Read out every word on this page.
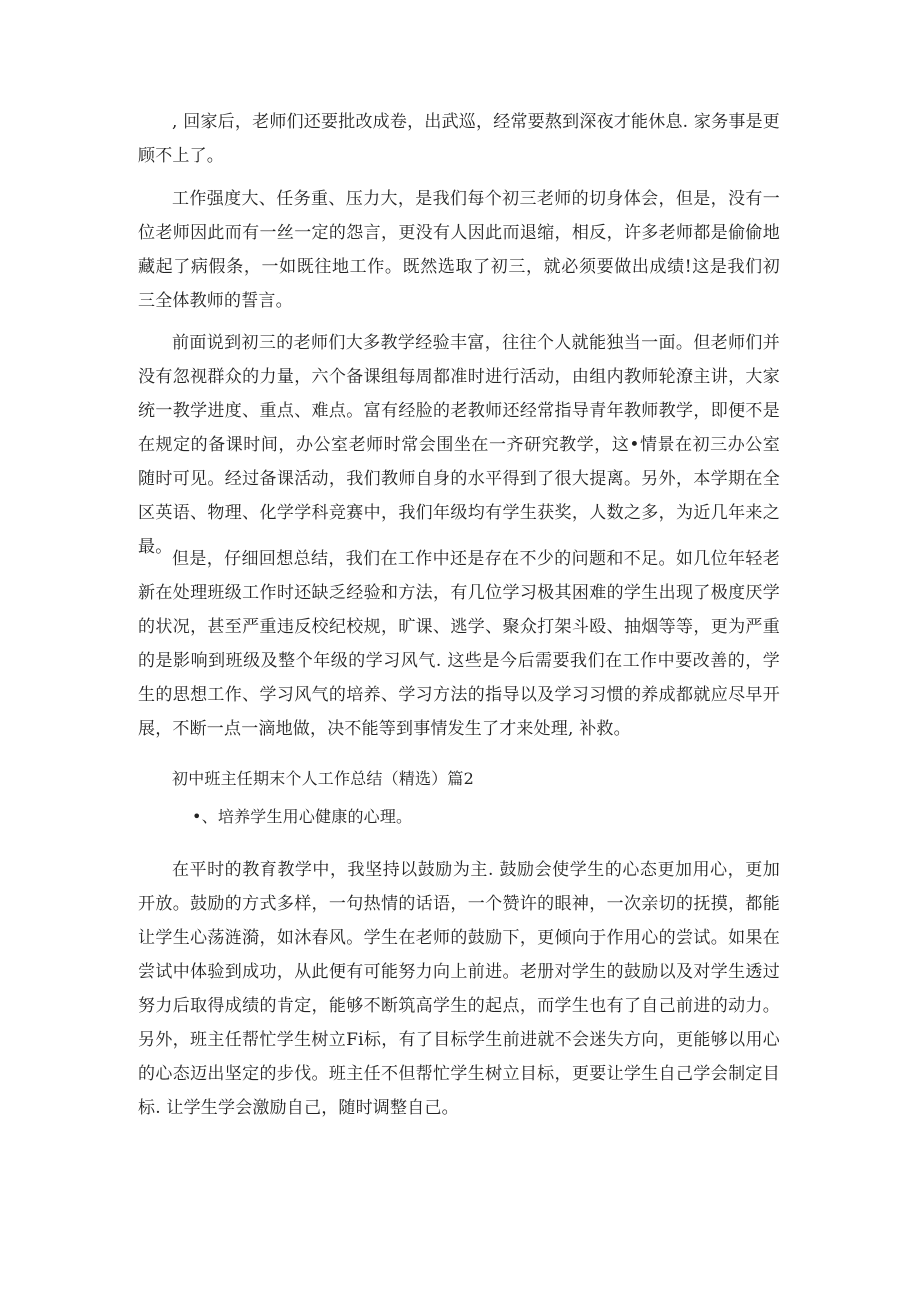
, 回家后，老师们还要批改成卷，出武巡，经常要熬到深夜才能休息. 家务事是更顾不上了。

工作强度大、任务重、压力大，是我们每个初三老师的切身体会，但是，没有一位老师因此而有一丝一定的怨言，更没有人因此而退缩，相反，许多老师都是偷偷地藏起了病假条，一如既往地工作。既然选取了初三，就必须要做出成绩!这是我们初三全体教师的誓言。

前面说到初三的老师们大多教学经验丰富，往往个人就能独当一面。但老师们并没有忽视群众的力量，六个备课组每周都准时进行活动，由组内教师轮潦主讲，大家统一教学进度、重点、难点。富有经脸的老教师还经常指导青年教师教学，即便不是在规定的备课时间，办公室老师时常会围坐在一齐研究教学，这•情景在初三办公室随时可见。经过备课活动，我们教师自身的水平得到了很大提离。另外，本学期在全区英语、物理、化学学科竞赛中，我们年级均有学生获奖，人数之多，为近几年来之最。

但是，仔细回想总结，我们在工作中还是存在不少的问题和不足。如几位年轻老新在处理班级工作时还缺乏经验和方法，有几位学习极其困难的学生出现了极度厌学的状况，甚至严重违反校纪校规，旷课、逃学、聚众打架斗殴、抽烟等等，更为严重的是影响到班级及整个年级的学习风气. 这些是今后需要我们在工作中要改善的，学生的思想工作、学习风气的培养、学习方法的指导以及学习习惯的养成都就应尽早开展，不断一点一滴地做，决不能等到事情发生了才来处理, 补救。

初中班主任期末个人工作总结（精选）篇2

•、培养学生用心健康的心理。

在平时的教育教学中，我坚持以鼓励为主. 鼓励会使学生的心态更加用心，更加开放。鼓励的方式多样，一句热情的话语，一个赞许的眼神，一次亲切的抚摸，都能让学生心荡涟漪，如沐春风。学生在老师的鼓励下，更倾向于作用心的尝试。如果在尝试中体验到成功，从此便有可能努力向上前进。老册对学生的鼓励以及对学生透过努力后取得成绩的肯定，能够不断筑高学生的起点，而学生也有了自己前进的动力。另外，班主任帮忙学生树立Fi标，有了目标学生前进就不会迷失方向，更能够以用心的心态迈出坚定的步伐。班主任不但帮忙学生树立目标，更要让学生自己学会制定目标. 让学生学会激励自己，随时调整自己。
